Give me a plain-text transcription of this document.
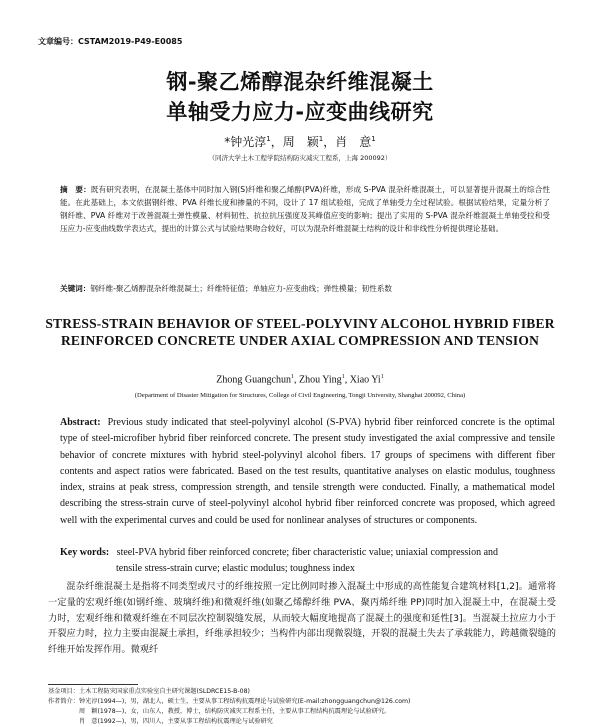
文章编号：CSTAM2019-P49-E0085
钢-聚乙烯醇混杂纤维混凝土
单轴受力应力-应变曲线研究
*钟光淳$^1$，周　颖$^1$，肖　意$^1$
（同济大学土木工程学院结构防灾减灾工程系，上海 200092）
摘　要：既有研究表明，在混凝土基体中同时加入钢(S)纤维和聚乙烯醇(PVA)纤维，形成 S-PVA 混杂纤维混凝土，可以显著提升混凝土的综合性能。在此基础上，本文依据钢纤维、PVA 纤维长度和掺量的不同，设计了 17 组试验组，完成了单轴受力全过程试验。根据试验结果，定量分析了钢纤维、PVA 纤维对于改善混凝土弹性模量、材料韧性、抗拉抗压强度及其峰值应变的影响；提出了实用的 S-PVA 混杂纤维混凝土单轴受拉和受压应力-应变曲线数学表达式，提出的计算公式与试验结果吻合较好，可以为混杂纤维混凝土结构的设计和非线性分析提供理论基础。
关键词：钢纤维-聚乙烯醇混杂纤维混凝土；纤维特征值；单轴应力-应变曲线；弹性模量；韧性系数
STRESS-STRAIN BEHAVIOR OF STEEL-POLYVINY ALCOHOL HYBRID FIBER REINFORCED CONCRETE UNDER AXIAL COMPRESSION AND TENSION
Zhong Guangchun$^1$, Zhou Ying$^1$, Xiao Yi$^1$
(Department of Disaster Mitigation for Structures, College of Civil Engineering, Tongji University, Shanghai 200092, China)
Abstract: Previous study indicated that steel-polyvinyl alcohol (S-PVA) hybrid fiber reinforced concrete is the optimal type of steel-microfiber hybrid fiber reinforced concrete. The present study investigated the axial compressive and tensile behavior of concrete mixtures with hybrid steel-polyvinyl alcohol fibers. 17 groups of specimens with different fiber contents and aspect ratios were fabricated. Based on the test results, quantitative analyses on elastic modulus, toughness index, strains at peak stress, compression strength, and tensile strength were conducted. Finally, a mathematical model describing the stress-strain curve of steel-polyvinyl alcohol hybrid fiber reinforced concrete was proposed, which agreed well with the experimental curves and could be used for nonlinear analyses of structures or components.
Key words: steel-PVA hybrid fiber reinforced concrete; fiber characteristic value; uniaxial compression and
tensile stress-strain curve; elastic modulus; toughness index
混杂纤维混凝土是指将不同类型或尺寸的纤维按照一定比例同时掺入混凝土中形成的高性能复合建筑材料[1,2]。通常将一定量的宏观纤维(如钢纤维、玻璃纤维)和微观纤维(如聚乙烯醇纤维 PVA、聚丙烯纤维 PP)同时加入混凝土中，在混凝土受力时，宏观纤维和微观纤维在不同层次控制裂缝发展，从而较大幅度地提高了混凝土的强度和延性[3]。当混凝土拉应力小于开裂应力时，拉力主要由混凝土承担，纤维承担较少；当构件内部出现微裂缝，开裂的混凝土失去了承载能力，跨越微裂缝的纤维开始发挥作用。微观纤
基金项目：土木工程防灾国家重点实验室自主研究课题(SLDRCE15-B-08)
作者简介：钟光淳(1994—)，男，湖北人，硕士生，主要从事工程结构抗震理论与试验研究(E-mail:zhongguangchun@126.com)
　　　　　周　颖(1978—)，女，山东人，教授，博士，结构防灾减灾工程系主任，主要从事工程结构抗震理论与试验研究。
　　　　　肖　意(1992—)，男，四川人，主要从事工程结构抗震理论与试验研究
